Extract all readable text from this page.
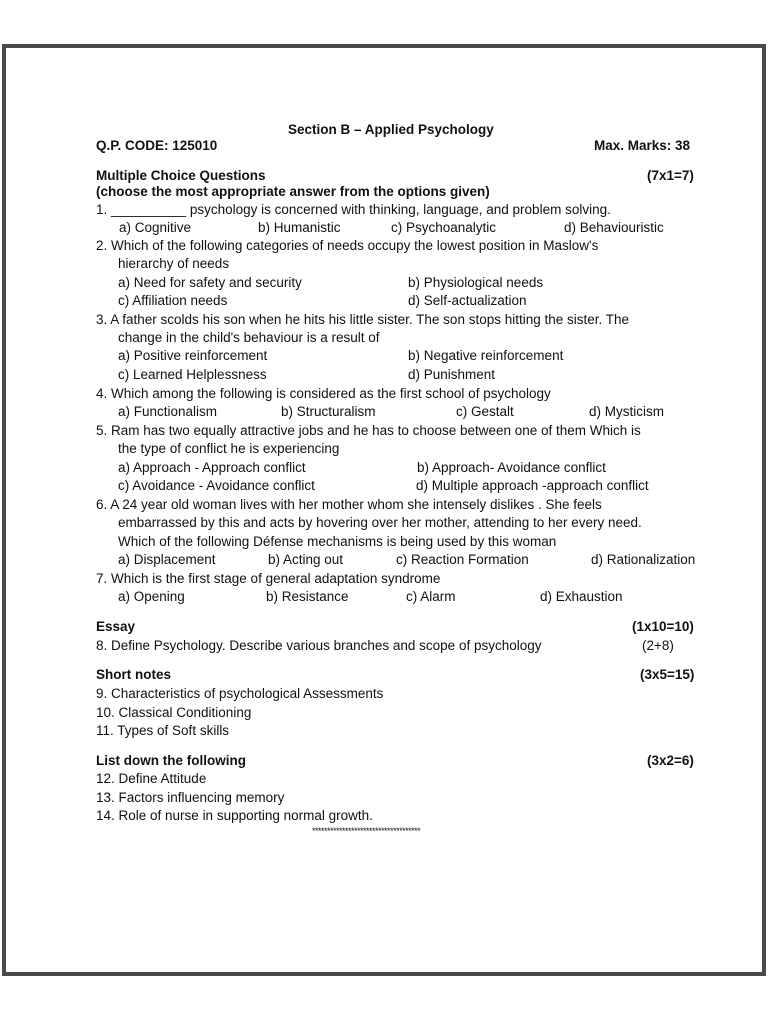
Section B – Applied Psychology
Q.P. CODE: 125010	Max. Marks: 38
Multiple Choice Questions	(7x1=7)
(choose the most appropriate answer from the options given)
1. __________ psychology is concerned with thinking, language, and problem solving.
a) Cognitive	b) Humanistic	c) Psychoanalytic	d) Behaviouristic
2. Which of the following categories of needs occupy the lowest position in Maslow's
hierarchy of needs
a) Need for safety and security	b) Physiological needs
c) Affiliation needs	d) Self-actualization
3. A father scolds his son when he hits his little sister. The son stops hitting the sister. The
change in the child's behaviour is a result of
a) Positive reinforcement	b) Negative reinforcement
c) Learned Helplessness	d) Punishment
4. Which among the following is considered as the first school of psychology
a) Functionalism	b) Structuralism	c) Gestalt	d) Mysticism
5. Ram has two equally attractive jobs and he has to choose between one of them Which is
the type of conflict he is experiencing
a) Approach - Approach conflict	b) Approach- Avoidance conflict
c) Avoidance - Avoidance conflict	d) Multiple approach -approach conflict
6. A 24 year old woman lives with her mother whom she intensely dislikes . She feels
embarrassed by this and acts by hovering over her mother, attending to her every need.
Which of the following Défense mechanisms is being used by this woman
a) Displacement	b) Acting out	c) Reaction Formation	d) Rationalization
7. Which is the first stage of general adaptation syndrome
a) Opening	b) Resistance	c) Alarm	d) Exhaustion
Essay	(1x10=10)
8. Define Psychology. Describe various branches and scope of psychology	(2+8)
Short notes	(3x5=15)
9. Characteristics of psychological Assessments
10. Classical Conditioning
11. Types of Soft skills
List down the following	(3x2=6)
12. Define Attitude
13. Factors influencing memory
14. Role of nurse in supporting normal growth.
************************************
